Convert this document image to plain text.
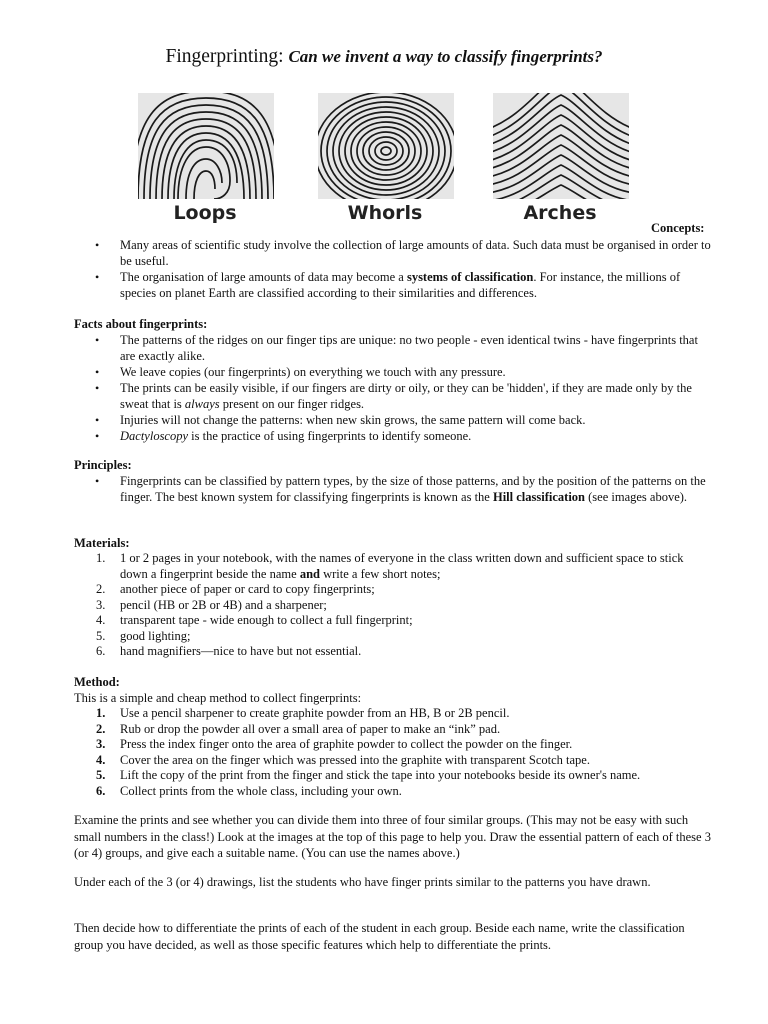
Fingerprinting: Can we invent a way to classify fingerprints?
Loops	Whorls	Arches
Concepts:
• Many areas of scientific study involve the collection of large amounts of data. Such data must be organised in order to be useful.
• The organisation of large amounts of data may become a systems of classification. For instance, the millions of species on planet Earth are classified according to their similarities and differences.
Facts about fingerprints:
• The patterns of the ridges on our finger tips are unique: no two people - even identical twins - have fingerprints that are exactly alike.
• We leave copies (our fingerprints) on everything we touch with any pressure.
• The prints can be easily visible, if our fingers are dirty or oily, or they can be 'hidden', if they are made only by the sweat that is always present on our finger ridges.
• Injuries will not change the patterns: when new skin grows, the same pattern will come back.
• Dactyloscopy is the practice of using fingerprints to identify someone.
Principles:
• Fingerprints can be classified by pattern types, by the size of those patterns, and by the position of the patterns on the finger. The best known system for classifying fingerprints is known as the Hill classification (see images above).
Materials:
1. 1 or 2 pages in your notebook, with the names of everyone in the class written down and sufficient space to stick down a fingerprint beside the name and write a few short notes;
2. another piece of paper or card to copy fingerprints;
3. pencil (HB or 2B or 4B) and a sharpener;
4. transparent tape - wide enough to collect a full fingerprint;
5. good lighting;
6. hand magnifiers—nice to have but not essential.
Method:
This is a simple and cheap method to collect fingerprints:
1. Use a pencil sharpener to create graphite powder from an HB, B or 2B pencil.
2. Rub or drop the powder all over a small area of paper to make an “ink” pad.
3. Press the index finger onto the area of graphite powder to collect the powder on the finger.
4. Cover the area on the finger which was pressed into the graphite with transparent Scotch tape.
5. Lift the copy of the print from the finger and stick the tape into your notebooks beside its owner's name.
6. Collect prints from the whole class, including your own.
Examine the prints and see whether you can divide them into three of four similar groups. (This may not be easy with such small numbers in the class!) Look at the images at the top of this page to help you. Draw the essential pattern of each of these 3 (or 4) groups, and give each a suitable name. (You can use the names above.)
Under each of the 3 (or 4) drawings, list the students who have finger prints similar to the patterns you have drawn.
Then decide how to differentiate the prints of each of the student in each group. Beside each name, write the classification group you have decided, as well as those specific features which help to differentiate the prints.
